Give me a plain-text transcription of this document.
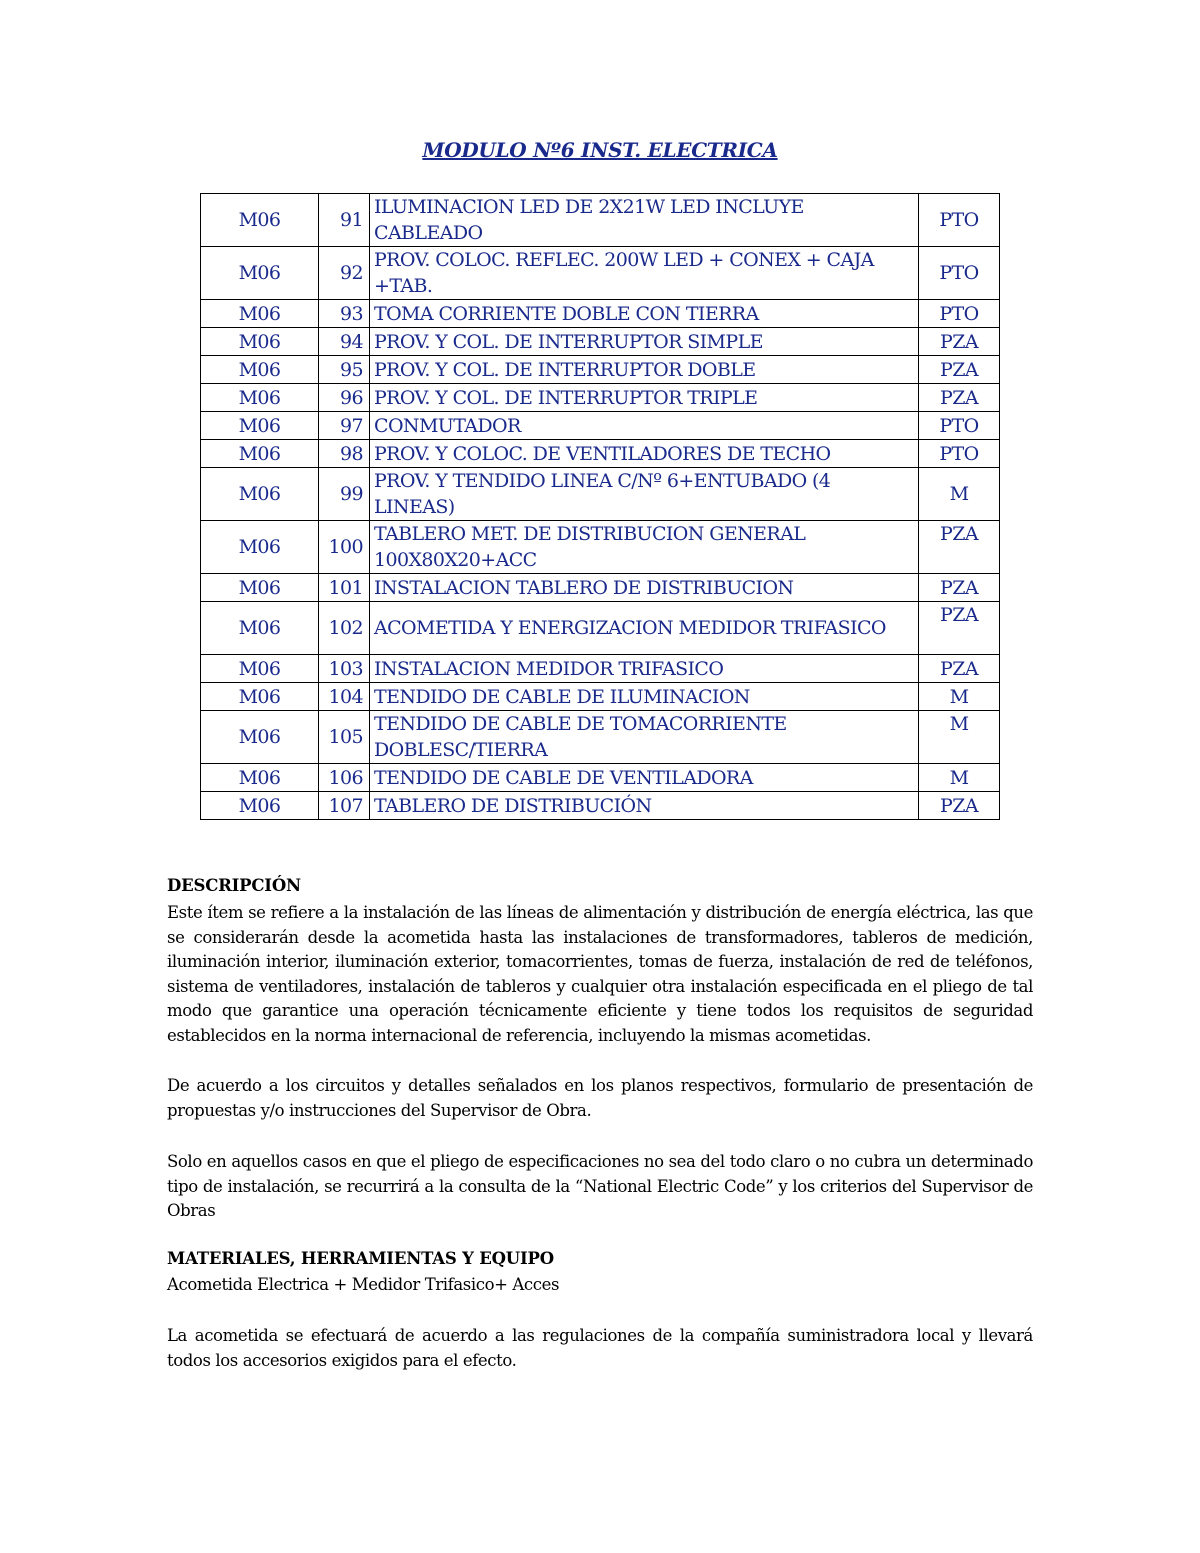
MODULO Nº6 INST. ELECTRICA
M06	91	ILUMINACION LED DE 2X21W LED INCLUYE CABLEADO	PTO
M06	92	PROV. COLOC. REFLEC. 200W LED + CONEX + CAJA +TAB.	PTO
M06	93	TOMA CORRIENTE DOBLE CON TIERRA	PTO
M06	94	PROV. Y COL. DE INTERRUPTOR SIMPLE	PZA
M06	95	PROV. Y COL. DE INTERRUPTOR DOBLE	PZA
M06	96	PROV. Y COL. DE INTERRUPTOR TRIPLE	PZA
M06	97	CONMUTADOR	PTO
M06	98	PROV. Y COLOC. DE VENTILADORES DE TECHO	PTO
M06	99	PROV. Y TENDIDO LINEA C/Nº 6+ENTUBADO (4 LINEAS)	M
M06	100	TABLERO MET. DE DISTRIBUCION GENERAL 100X80X20+ACC	PZA
M06	101	INSTALACION TABLERO DE DISTRIBUCION	PZA
M06	102	ACOMETIDA Y ENERGIZACION MEDIDOR TRIFASICO	PZA
M06	103	INSTALACION MEDIDOR TRIFASICO	PZA
M06	104	TENDIDO DE CABLE DE ILUMINACION	M
M06	105	TENDIDO DE CABLE DE TOMACORRIENTE DOBLESC/TIERRA	M
M06	106	TENDIDO DE CABLE DE VENTILADORA	M
M06	107	TABLERO DE DISTRIBUCIÓN	PZA
DESCRIPCIÓN
Este ítem se refiere a la instalación de las líneas de alimentación y distribución de energía eléctrica, las que se considerarán desde la acometida hasta las instalaciones de transformadores, tableros de medición, iluminación interior, iluminación exterior, tomacorrientes, tomas de fuerza, instalación de red de teléfonos, sistema de ventiladores, instalación de tableros y cualquier otra instalación especificada en el pliego de tal modo que garantice una operación técnicamente eficiente y tiene todos los requisitos de seguridad establecidos en la norma internacional de referencia, incluyendo la mismas acometidas.
De acuerdo a los circuitos y detalles señalados en los planos respectivos, formulario de presentación de propuestas y/o instrucciones del Supervisor de Obra.
Solo en aquellos casos en que el pliego de especificaciones no sea del todo claro o no cubra un determinado tipo de instalación, se recurrirá a la consulta de la “National Electric Code” y los criterios del Supervisor de Obras
MATERIALES, HERRAMIENTAS Y EQUIPO
Acometida Electrica + Medidor Trifasico+ Acces
La acometida se efectuará de acuerdo a las regulaciones de la compañía suministradora local y llevará todos los accesorios exigidos para el efecto.
